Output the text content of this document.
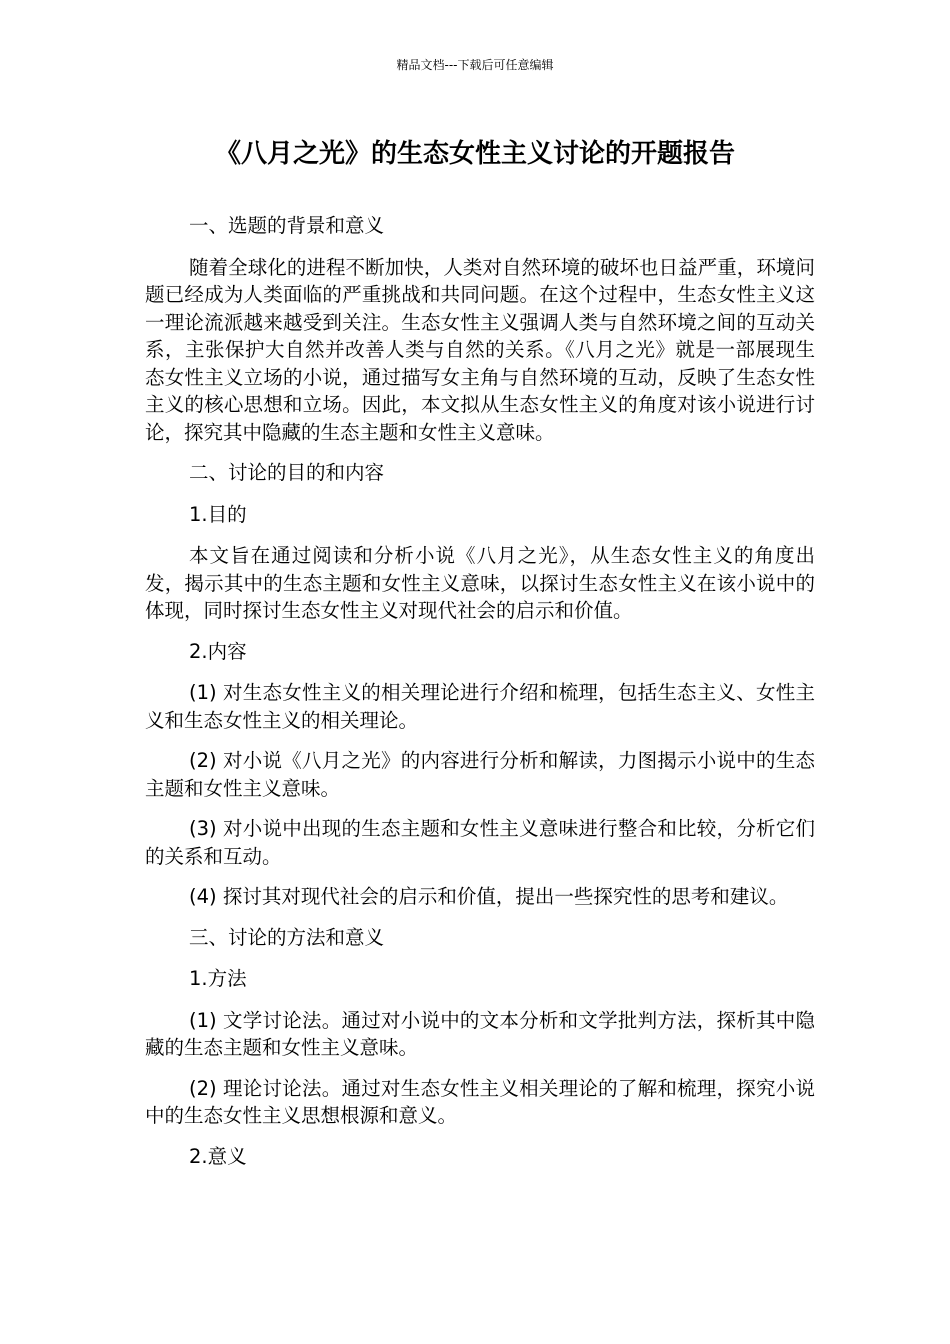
精品文档---下载后可任意编辑
《八月之光》的生态女性主义讨论的开题报告

一、选题的背景和意义

随着全球化的进程不断加快，人类对自然环境的破坏也日益严重，环境问题已经成为人类面临的严重挑战和共同问题。在这个过程中，生态女性主义这一理论流派越来越受到关注。生态女性主义强调人类与自然环境之间的互动关系，主张保护大自然并改善人类与自然的关系。《八月之光》就是一部展现生态女性主义立场的小说，通过描写女主角与自然环境的互动，反映了生态女性主义的核心思想和立场。因此，本文拟从生态女性主义的角度对该小说进行讨论，探究其中隐藏的生态主题和女性主义意味。

二、讨论的目的和内容

1.目的

本文旨在通过阅读和分析小说《八月之光》，从生态女性主义的角度出发，揭示其中的生态主题和女性主义意味，以探讨生态女性主义在该小说中的体现，同时探讨生态女性主义对现代社会的启示和价值。

2.内容

(1) 对生态女性主义的相关理论进行介绍和梳理，包括生态主义、女性主义和生态女性主义的相关理论。

(2) 对小说《八月之光》的内容进行分析和解读，力图揭示小说中的生态主题和女性主义意味。

(3) 对小说中出现的生态主题和女性主义意味进行整合和比较，分析它们的关系和互动。

(4) 探讨其对现代社会的启示和价值，提出一些探究性的思考和建议。

三、讨论的方法和意义

1.方法

(1) 文学讨论法。通过对小说中的文本分析和文学批判方法，探析其中隐藏的生态主题和女性主义意味。

(2) 理论讨论法。通过对生态女性主义相关理论的了解和梳理，探究小说中的生态女性主义思想根源和意义。

2.意义
